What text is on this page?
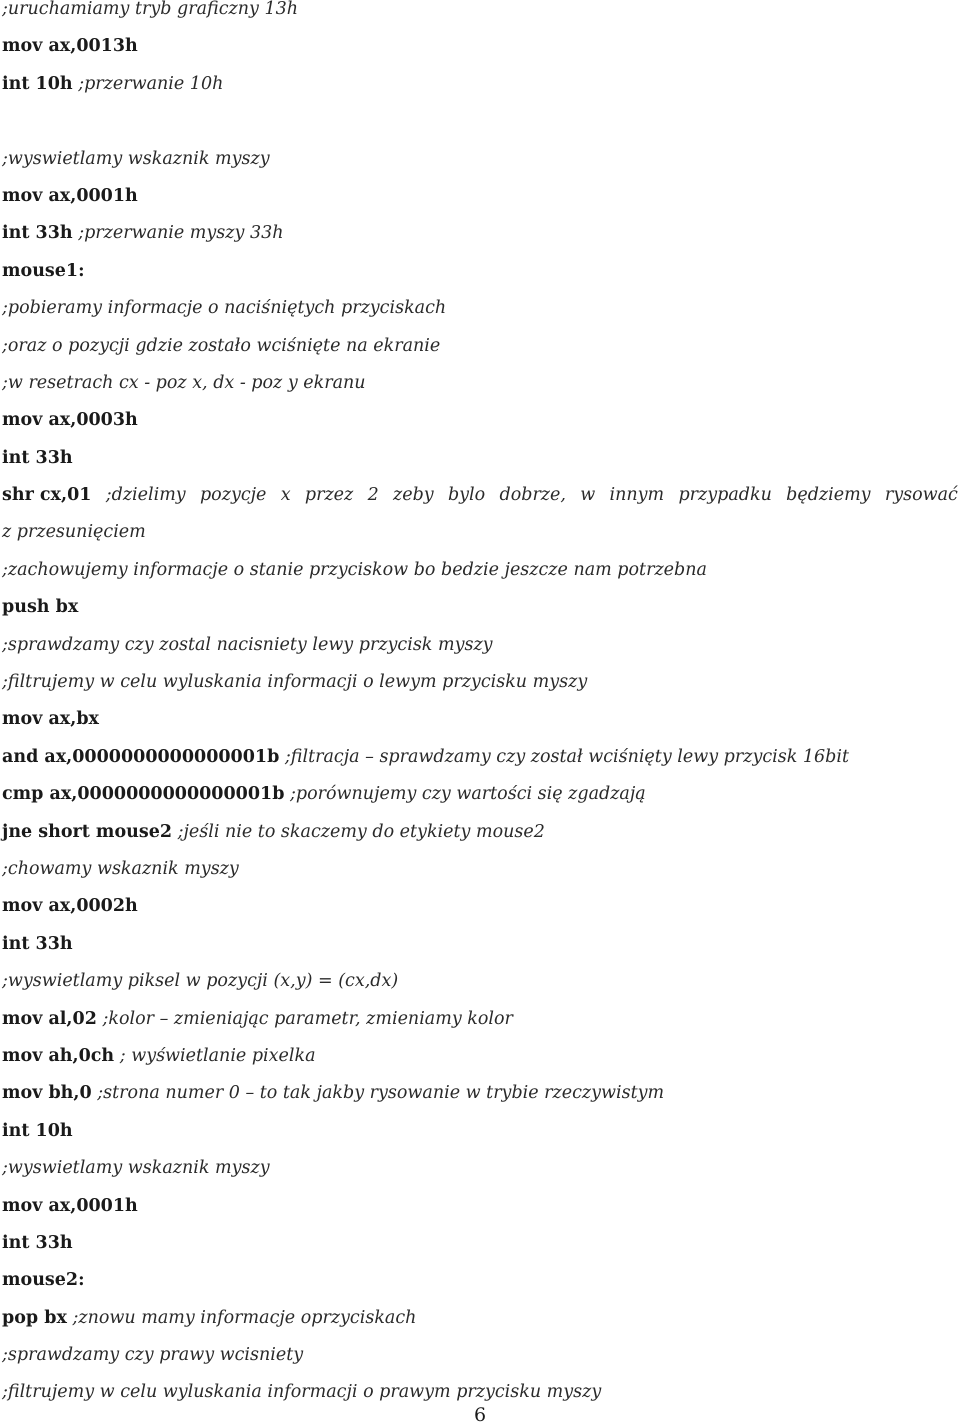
;uruchamiamy tryb graficzny 13h
mov ax,0013h
int 10h ;przerwanie 10h
;wyswietlamy wskaznik myszy
mov ax,0001h
int 33h ;przerwanie myszy 33h
mouse1:
;pobieramy informacje o naciśniętych przyciskach
;oraz o pozycji gdzie zostało wciśnięte na ekranie
;w resetrach cx - poz x, dx - poz y ekranu
mov ax,0003h
int 33h
shr cx,01 ;dzielimy pozycje x przez 2 zeby bylo dobrze, w innym przypadku będziemy rysować
z przesunięciem
;zachowujemy informacje o stanie przyciskow bo bedzie jeszcze nam potrzebna
push bx
;sprawdzamy czy zostal nacisniety lewy przycisk myszy
;filtrujemy w celu wyluskania informacji o lewym przycisku myszy
mov ax,bx
and ax,0000000000000001b ;filtracja – sprawdzamy czy został wciśnięty lewy przycisk 16bit
cmp ax,0000000000000001b ;porównujemy czy wartości się zgadzają
jne short mouse2 ;jeśli nie to skaczemy do etykiety mouse2
;chowamy wskaznik myszy
mov ax,0002h
int 33h
;wyswietlamy piksel w pozycji (x,y) = (cx,dx)
mov al,02 ;kolor – zmieniając parametr, zmieniamy kolor
mov ah,0ch ; wyświetlanie pixelka
mov bh,0 ;strona numer 0 – to tak jakby rysowanie w trybie rzeczywistym
int 10h
;wyswietlamy wskaznik myszy
mov ax,0001h
int 33h
mouse2:
pop bx ;znowu mamy informacje oprzyciskach
;sprawdzamy czy prawy wcisniety
;filtrujemy w celu wyluskania informacji o prawym przycisku myszy
6
